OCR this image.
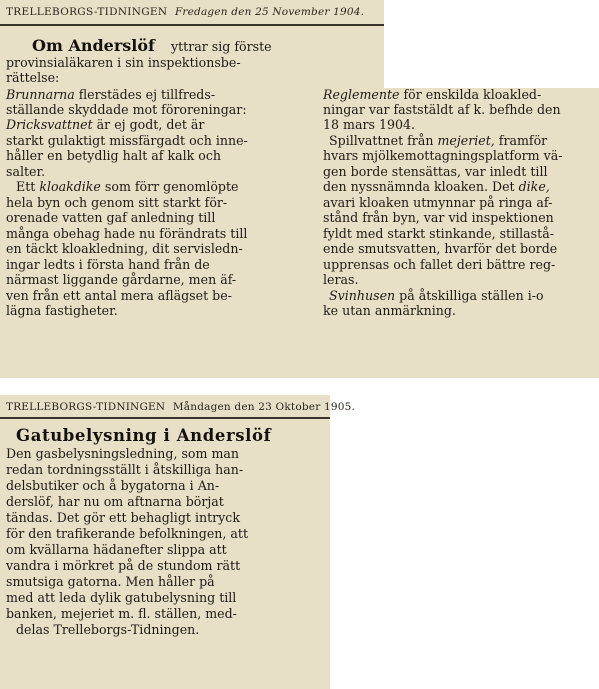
TRELLEBORGS-TIDNINGEN Fredagen den 25 November 1904.
Om Anderslöf yttrar sig förste
provinsialäkaren i sin inspektionsbe-
rättelse:
Brunnarna flerstädes ej tillfreds-
ställande skyddade mot föroreningar:
Dricksvattnet är ej godt, det är
starkt gulaktigt missfärgadt och inne-
håller en betydlig halt af kalk och
salter.
Ett kloakdike som förr genomlöpte
hela byn och genom sitt starkt för-
orenade vatten gaf anledning till
många obehag hade nu förändrats till
en täckt kloakledning, dit servisledn-
ingar ledts i första hand från de
närmast liggande gårdarne, men äf-
ven från ett antal mera aflägset be-
lägna fastigheter.
Reglemente för enskilda kloakled-
ningar var faststäldt af k. befhde den
18 mars 1904.
Spillvattnet från mejeriet, framför
hvars mjölkemottagningsplatform vä-
gen borde stensättas, var inledt till
den nyssnämnda kloaken. Det dike,
avari kloaken utmynnar på ringa af-
stånd från byn, var vid inspektionen
fyldt med starkt stinkande, stillastå-
ende smutsvatten, hvarför det borde
upprensas och fallet deri bättre reg-
leras.
Svinhusen på åtskilliga ställen i-o
ke utan anmärkning.
TRELLEBORGS-TIDNINGEN Måndagen den 23 Oktober 1905.
Den gasbelysningsledning, som man
redan tordningsställt i åtskilliga han-
delsbutiker och å bygatorna i An-
derslöf, har nu om aftnarna börjat
tändas. Det gör ett behagligt intryck
för den trafikerande befolkningen, att
om kvällarna hädanefter slippa att
vandra i mörkret på de stundom rätt
smutsiga gatorna. Men håller på
med att leda dylik gatubelysning till
banken, mejeriet m. fl. ställen, med-
delas Trelleborgs-Tidningen.
Gatubelysning i Anderslöf
